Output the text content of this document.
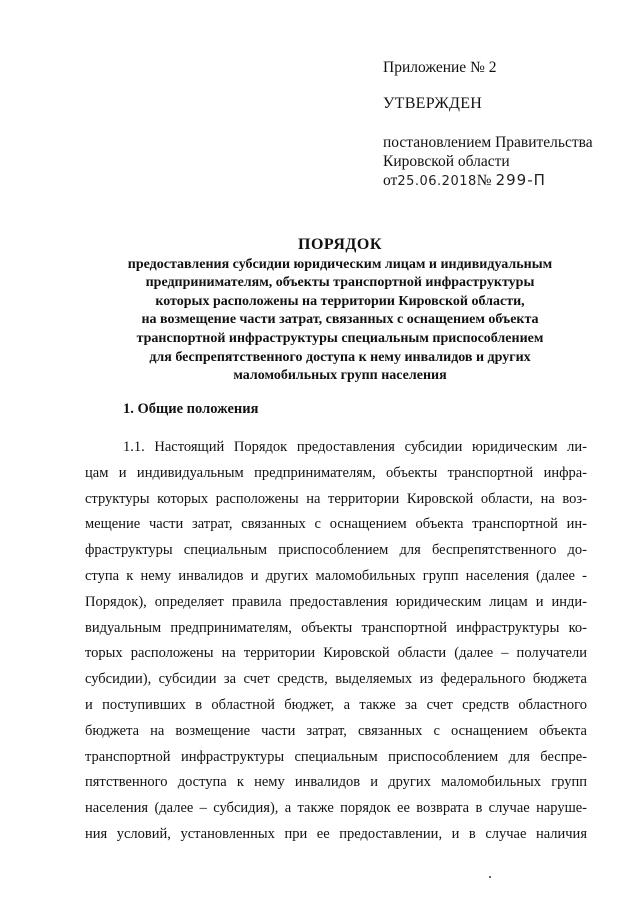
Приложение № 2
УТВЕРЖДЕН
постановлением Правительства
Кировской области
от25.06.2018№ 299-П
ПОРЯДОК
предоставления субсидии юридическим лицам и индивидуальным
предпринимателям, объекты транспортной инфраструктуры
которых расположены на территории Кировской области,
на возмещение части затрат, связанных с оснащением объекта
транспортной инфраструктуры специальным приспособлением
для беспрепятственного доступа к нему инвалидов и других
маломобильных групп населения
1. Общие положения
1.1. Настоящий Порядок предоставления субсидии юридическим ли-
цам и индивидуальным предпринимателям, объекты транспортной инфра-
структуры которых расположены на территории Кировской области, на воз-
мещение части затрат, связанных с оснащением объекта транспортной ин-
фраструктуры специальным приспособлением для беспрепятственного до-
ступа к нему инвалидов и других маломобильных групп населения (далее -
Порядок), определяет правила предоставления юридическим лицам и инди-
видуальным предпринимателям, объекты транспортной инфраструктуры ко-
торых расположены на территории Кировской области (далее – получатели
субсидии), субсидии за счет средств, выделяемых из федерального бюджета
и поступивших в областной бюджет, а также за счет средств областного
бюджета на возмещение части затрат, связанных с оснащением объекта
транспортной инфраструктуры специальным приспособлением для беспре-
пятственного доступа к нему инвалидов и других маломобильных групп
населения (далее – субсидия), а также порядок ее возврата в случае наруше-
ния условий, установленных при ее предоставлении, и в случае наличия
